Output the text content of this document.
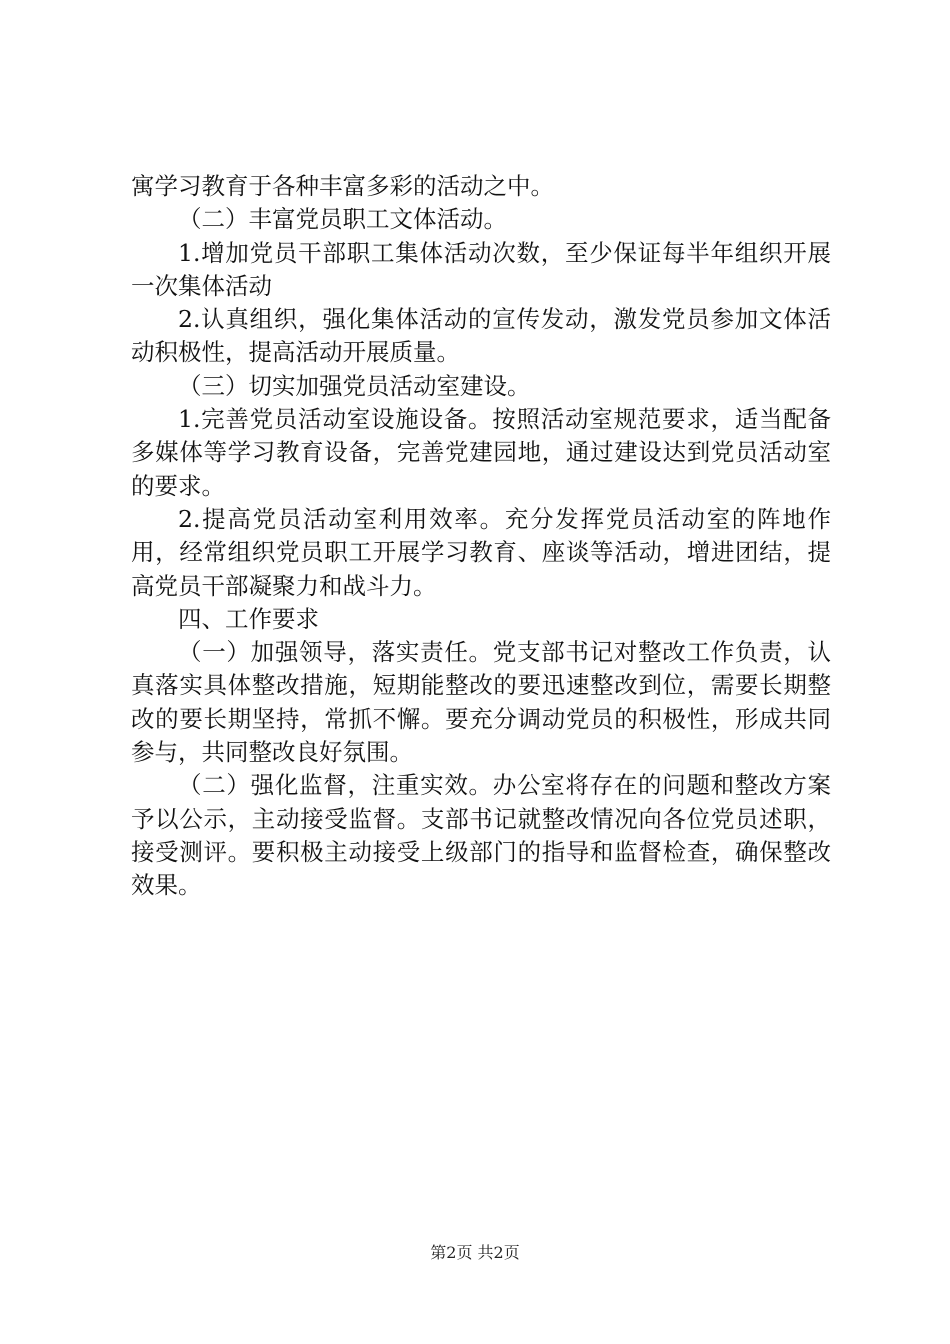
寓学习教育于各种丰富多彩的活动之中。

（二）丰富党员职工文体活动。

1.增加党员干部职工集体活动次数，至少保证每半年组织开展一次集体活动

2.认真组织，强化集体活动的宣传发动，激发党员参加文体活动积极性，提高活动开展质量。

（三）切实加强党员活动室建设。

1.完善党员活动室设施设备。按照活动室规范要求，适当配备多媒体等学习教育设备，完善党建园地，通过建设达到党员活动室的要求。

2.提高党员活动室利用效率。充分发挥党员活动室的阵地作用，经常组织党员职工开展学习教育、座谈等活动，增进团结，提高党员干部凝聚力和战斗力。

四、工作要求

（一）加强领导，落实责任。党支部书记对整改工作负责，认真落实具体整改措施，短期能整改的要迅速整改到位，需要长期整改的要长期坚持，常抓不懈。要充分调动党员的积极性，形成共同参与，共同整改良好氛围。

（二）强化监督，注重实效。办公室将存在的问题和整改方案予以公示，主动接受监督。支部书记就整改情况向各位党员述职，接受测评。要积极主动接受上级部门的指导和监督检查，确保整改效果。

第2页 共2页
